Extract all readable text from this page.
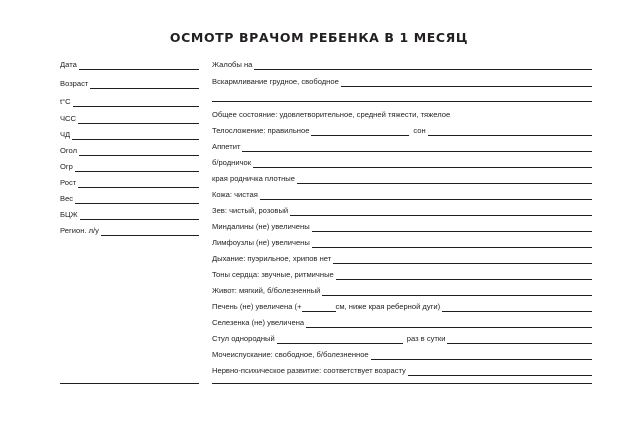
ОСМОТР ВРАЧОМ РЕБЕНКА В 1 МЕСЯЦ
Дата
Возраст
t°C
ЧСС
ЧД
Огол
Огр
Рост
Вес
БЦЖ
Регион. л/у
Жалобы на
Вскармливание грудное, свободное
Общее состояние: удовлетворительное, средней тяжести, тяжелое
Телосложение: правильное	сон
Аппетит
б/родничок
края родничка плотные
Кожа: чистая
Зев: чистый, розовый
Миндалины (не) увеличены
Лимфоузлы (не) увеличены
Дыхание: пуэрильное, хрипов нет
Тоны сердца: звучные, ритмичные
Живот: мягкий, б/болезненный
Печень (не) увеличена (+	см, ниже края реберной дуги)
Селезенка (не) увеличена
Стул однородный	раз в сутки
Мочеиспускание: свободное, б/болезненное
Нервно-психическое развитие: соответствует возрасту
